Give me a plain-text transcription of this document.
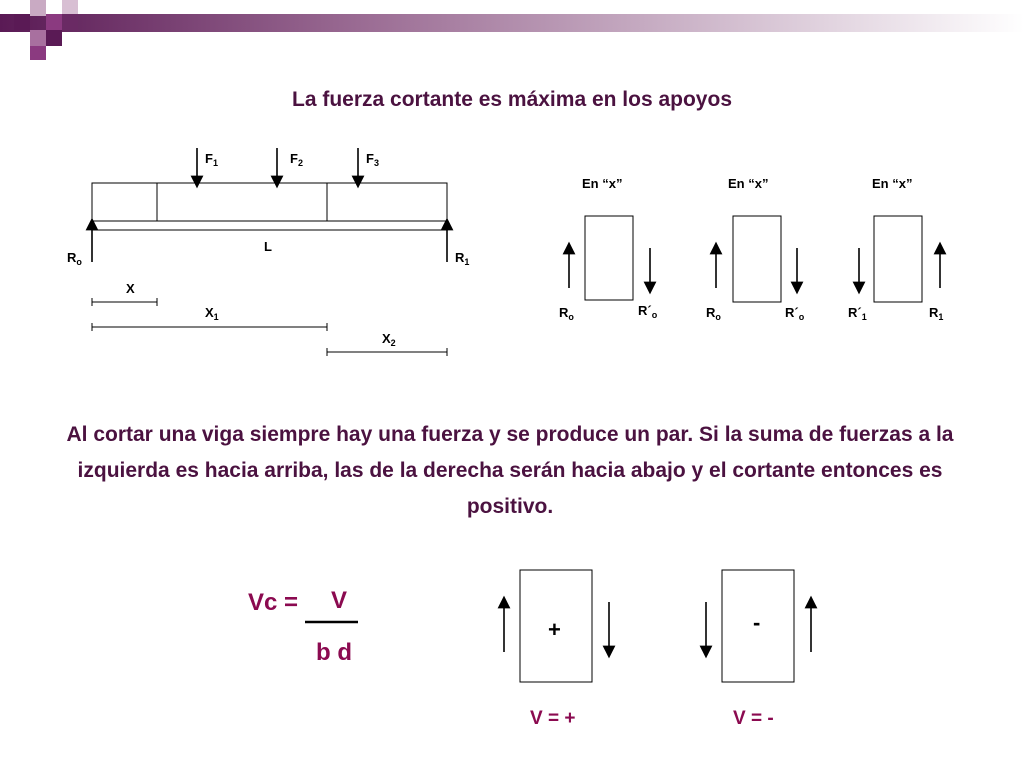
La fuerza cortante es máxima en los apoyos
$F_1$	$F_2$	$F_3$
L
$R_o$	$R_1$
X
$X_1$
$X_2$
En “x”	En “x”	En “x”
$R_o$	$R´_o$	$R_o$	$R´_o$	$R´_1$	$R_1$
Al cortar una viga siempre hay una fuerza y se produce un par. Si la suma de fuerzas a la izquierda es hacia arriba, las de la derecha serán hacia abajo y el cortante entonces es positivo.
Vc = V
b d
+	-
V = +	V = -
